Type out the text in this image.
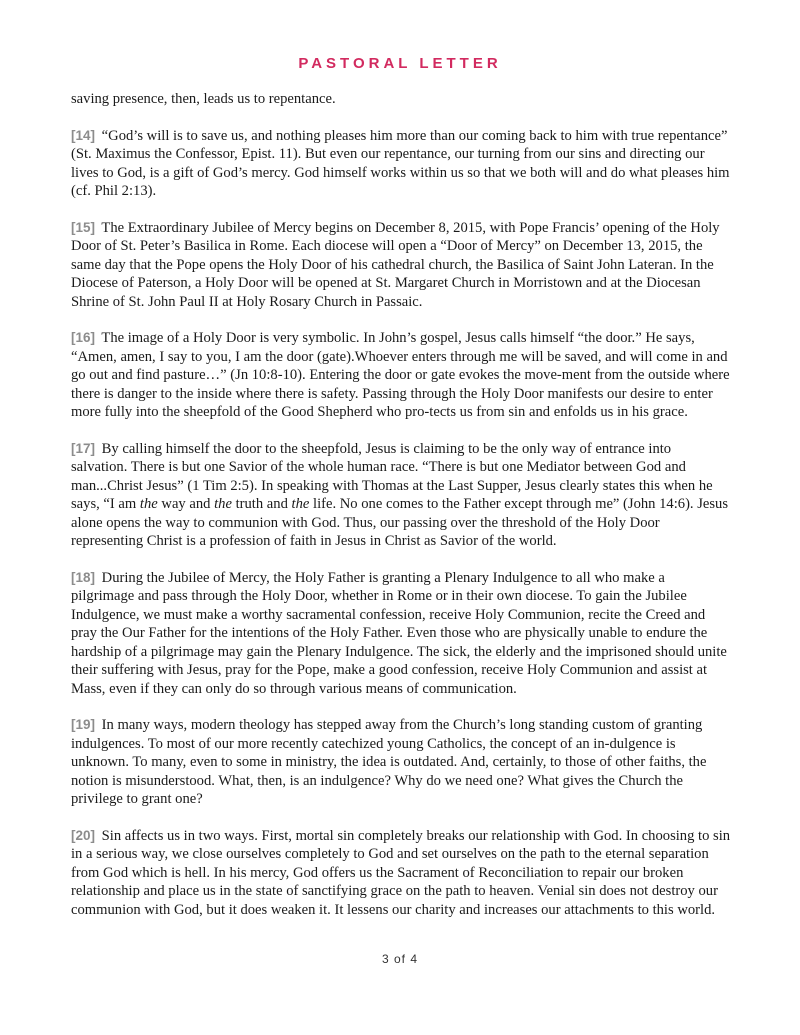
PASTORAL LETTER

saving presence, then, leads us to repentance.

[14] “God’s will is to save us, and nothing pleases him more than our coming back to him with true repentance” (St. Maximus the Confessor, Epist. 11). But even our repentance, our turning from our sins and directing our lives to God, is a gift of God’s mercy. God himself works within us so that we both will and do what pleases him (cf. Phil 2:13).

[15] The Extraordinary Jubilee of Mercy begins on December 8, 2015, with Pope Francis’ opening of the Holy Door of St. Peter’s Basilica in Rome. Each diocese will open a “Door of Mercy” on December 13, 2015, the same day that the Pope opens the Holy Door of his cathedral church, the Basilica of Saint John Lateran. In the Diocese of Paterson, a Holy Door will be opened at St. Margaret Church in Morristown and at the Diocesan Shrine of St. John Paul II at Holy Rosary Church in Passaic.

[16] The image of a Holy Door is very symbolic. In John’s gospel, Jesus calls himself “the door.” He says, “Amen, amen, I say to you, I am the door (gate).Whoever enters through me will be saved, and will come in and go out and find pasture…” (Jn 10:8-10). Entering the door or gate evokes the move-ment from the outside where there is danger to the inside where there is safety. Passing through the Holy Door manifests our desire to enter more fully into the sheepfold of the Good Shepherd who pro-tects us from sin and enfolds us in his grace.

[17] By calling himself the door to the sheepfold, Jesus is claiming to be the only way of entrance into salvation. There is but one Savior of the whole human race. “There is but one Mediator between God and man...Christ Jesus” (1 Tim 2:5). In speaking with Thomas at the Last Supper, Jesus clearly states this when he says, “I am the way and the truth and the life. No one comes to the Father except through me” (John 14:6). Jesus alone opens the way to communion with God. Thus, our passing over the threshold of the Holy Door representing Christ is a profession of faith in Jesus in Christ as Savior of the world.

[18] During the Jubilee of Mercy, the Holy Father is granting a Plenary Indulgence to all who make a pilgrimage and pass through the Holy Door, whether in Rome or in their own diocese. To gain the Jubilee Indulgence, we must make a worthy sacramental confession, receive Holy Communion, recite the Creed and pray the Our Father for the intentions of the Holy Father. Even those who are physically unable to endure the hardship of a pilgrimage may gain the Plenary Indulgence. The sick, the elderly and the imprisoned should unite their suffering with Jesus, pray for the Pope, make a good confession, receive Holy Communion and assist at Mass, even if they can only do so through various means of communication.

[19] In many ways, modern theology has stepped away from the Church’s long standing custom of granting indulgences. To most of our more recently catechized young Catholics, the concept of an in-dulgence is unknown. To many, even to some in ministry, the idea is outdated. And, certainly, to those of other faiths, the notion is misunderstood. What, then, is an indulgence? Why do we need one? What gives the Church the privilege to grant one?

[20] Sin affects us in two ways. First, mortal sin completely breaks our relationship with God. In choosing to sin in a serious way, we close ourselves completely to God and set ourselves on the path to the eternal separation from God which is hell. In his mercy, God offers us the Sacrament of Reconciliation to repair our broken relationship and place us in the state of sanctifying grace on the path to heaven. Venial sin does not destroy our communion with God, but it does weaken it. It lessens our charity and increases our attachments to this world.

3 of 4
